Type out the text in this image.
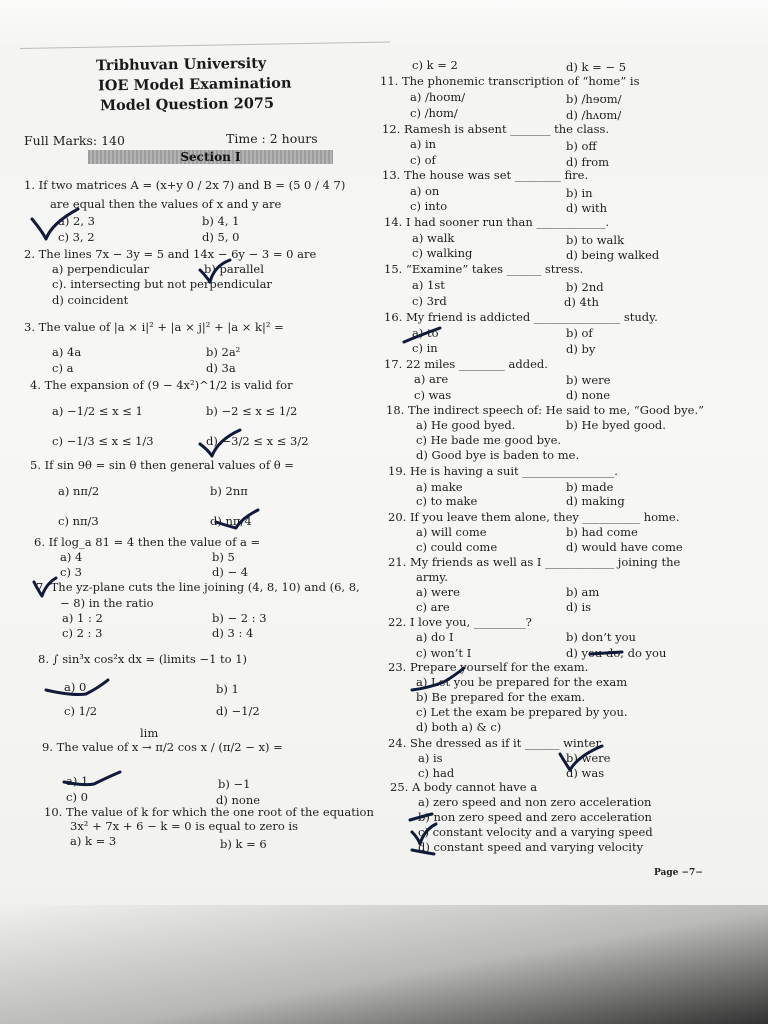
Tribhuvan University
IOE Model Examination
Model Question 2075
Full Marks: 140	Time : 2 hours
Section I
1. If two matrices A = (x+y 0 / 2x 7) and B = (5 0 / 4 7)
are equal then the values of x and y are
a) 2, 3	b) 4, 1
c) 3, 2	d) 5, 0
2. The lines 7x − 3y = 5 and 14x − 6y − 3 = 0 are
a) perpendicular	b) parallel
c). intersecting but not perpendicular
d) coincident
3. The value of |a × i|² + |a × j|² + |a × k|² =
a) 4a	b) 2a²
c) a	d) 3a
4. The expansion of (9 − 4x²)^1/2 is valid for
a) −1/2 ≤ x ≤ 1	b) −2 ≤ x ≤ 1/2
c) −1/3 ≤ x ≤ 1/3	d) −3/2 ≤ x ≤ 3/2
5. If sin 9θ = sin θ then general values of θ =
a) nπ/2	b) 2nπ
c) nπ/3	d) nπ/4
6. If log_a 81 = 4 then the value of a =
a) 4	b) 5
c) 3	d) − 4
7. The yz-plane cuts the line joining (4, 8, 10) and (6, 8,
− 8) in the ratio
a) 1 : 2	b) − 2 : 3
c) 2 : 3	d) 3 : 4
8. ∫ sin³x cos²x dx = (limits −1 to 1)
a) 0	b) 1
c) 1/2	d) −1/2
lim
9. The value of x → π/2 cos x / (π/2 − x) =
a) 1	b) −1
c) 0	d) none
10. The value of k for which the one root of the equation
3x² + 7x + 6 − k = 0 is equal to zero is
a) k = 3	b) k = 6
c) k = 2	d) k = − 5
11. The phonemic transcription of “home” is
a) /hoʊm/	b) /hɘʊm/
c) /hʊm/	d) /hʌʊm/
12. Ramesh is absent _______ the class.
a) in	b) off
c) of	d) from
13. The house was set ________ fire.
a) on	b) in
c) into	d) with
14. I had sooner run than ____________.
a) walk	b) to walk
c) walking	d) being walked
15. “Examine” takes ______ stress.
a) 1st	b) 2nd
c) 3rd	d) 4th
16. My friend is addicted _______________ study.
a) to	b) of
c) in	d) by
17. 22 miles ________ added.
a) are	b) were
c) was	d) none
18. The indirect speech of: He said to me, “Good bye.”
a) He good byed.	b) He byed good.
c) He bade me good bye.
d) Good bye is baden to me.
19. He is having a suit ________________.
a) make	b) made
c) to make	d) making
20. If you leave them alone, they __________ home.
a) will come	b) had come
c) could come	d) would have come
21. My friends as well as I ____________ joining the
army.
a) were	b) am
c) are	d) is
22. I love you, _________?
a) do I	b) don’t you
c) won’t I	d) you do, do you
23. Prepare yourself for the exam.
a) Let you be prepared for the exam
b) Be prepared for the exam.
c) Let the exam be prepared by you.
d) both a) & c)
24. She dressed as if it ______ winter.
a) is	b) were
c) had	d) was
25. A body cannot have a
a) zero speed and non zero acceleration
b) non zero speed and zero acceleration
c) constant velocity and a varying speed
d) constant speed and varying velocity
Page −7−
